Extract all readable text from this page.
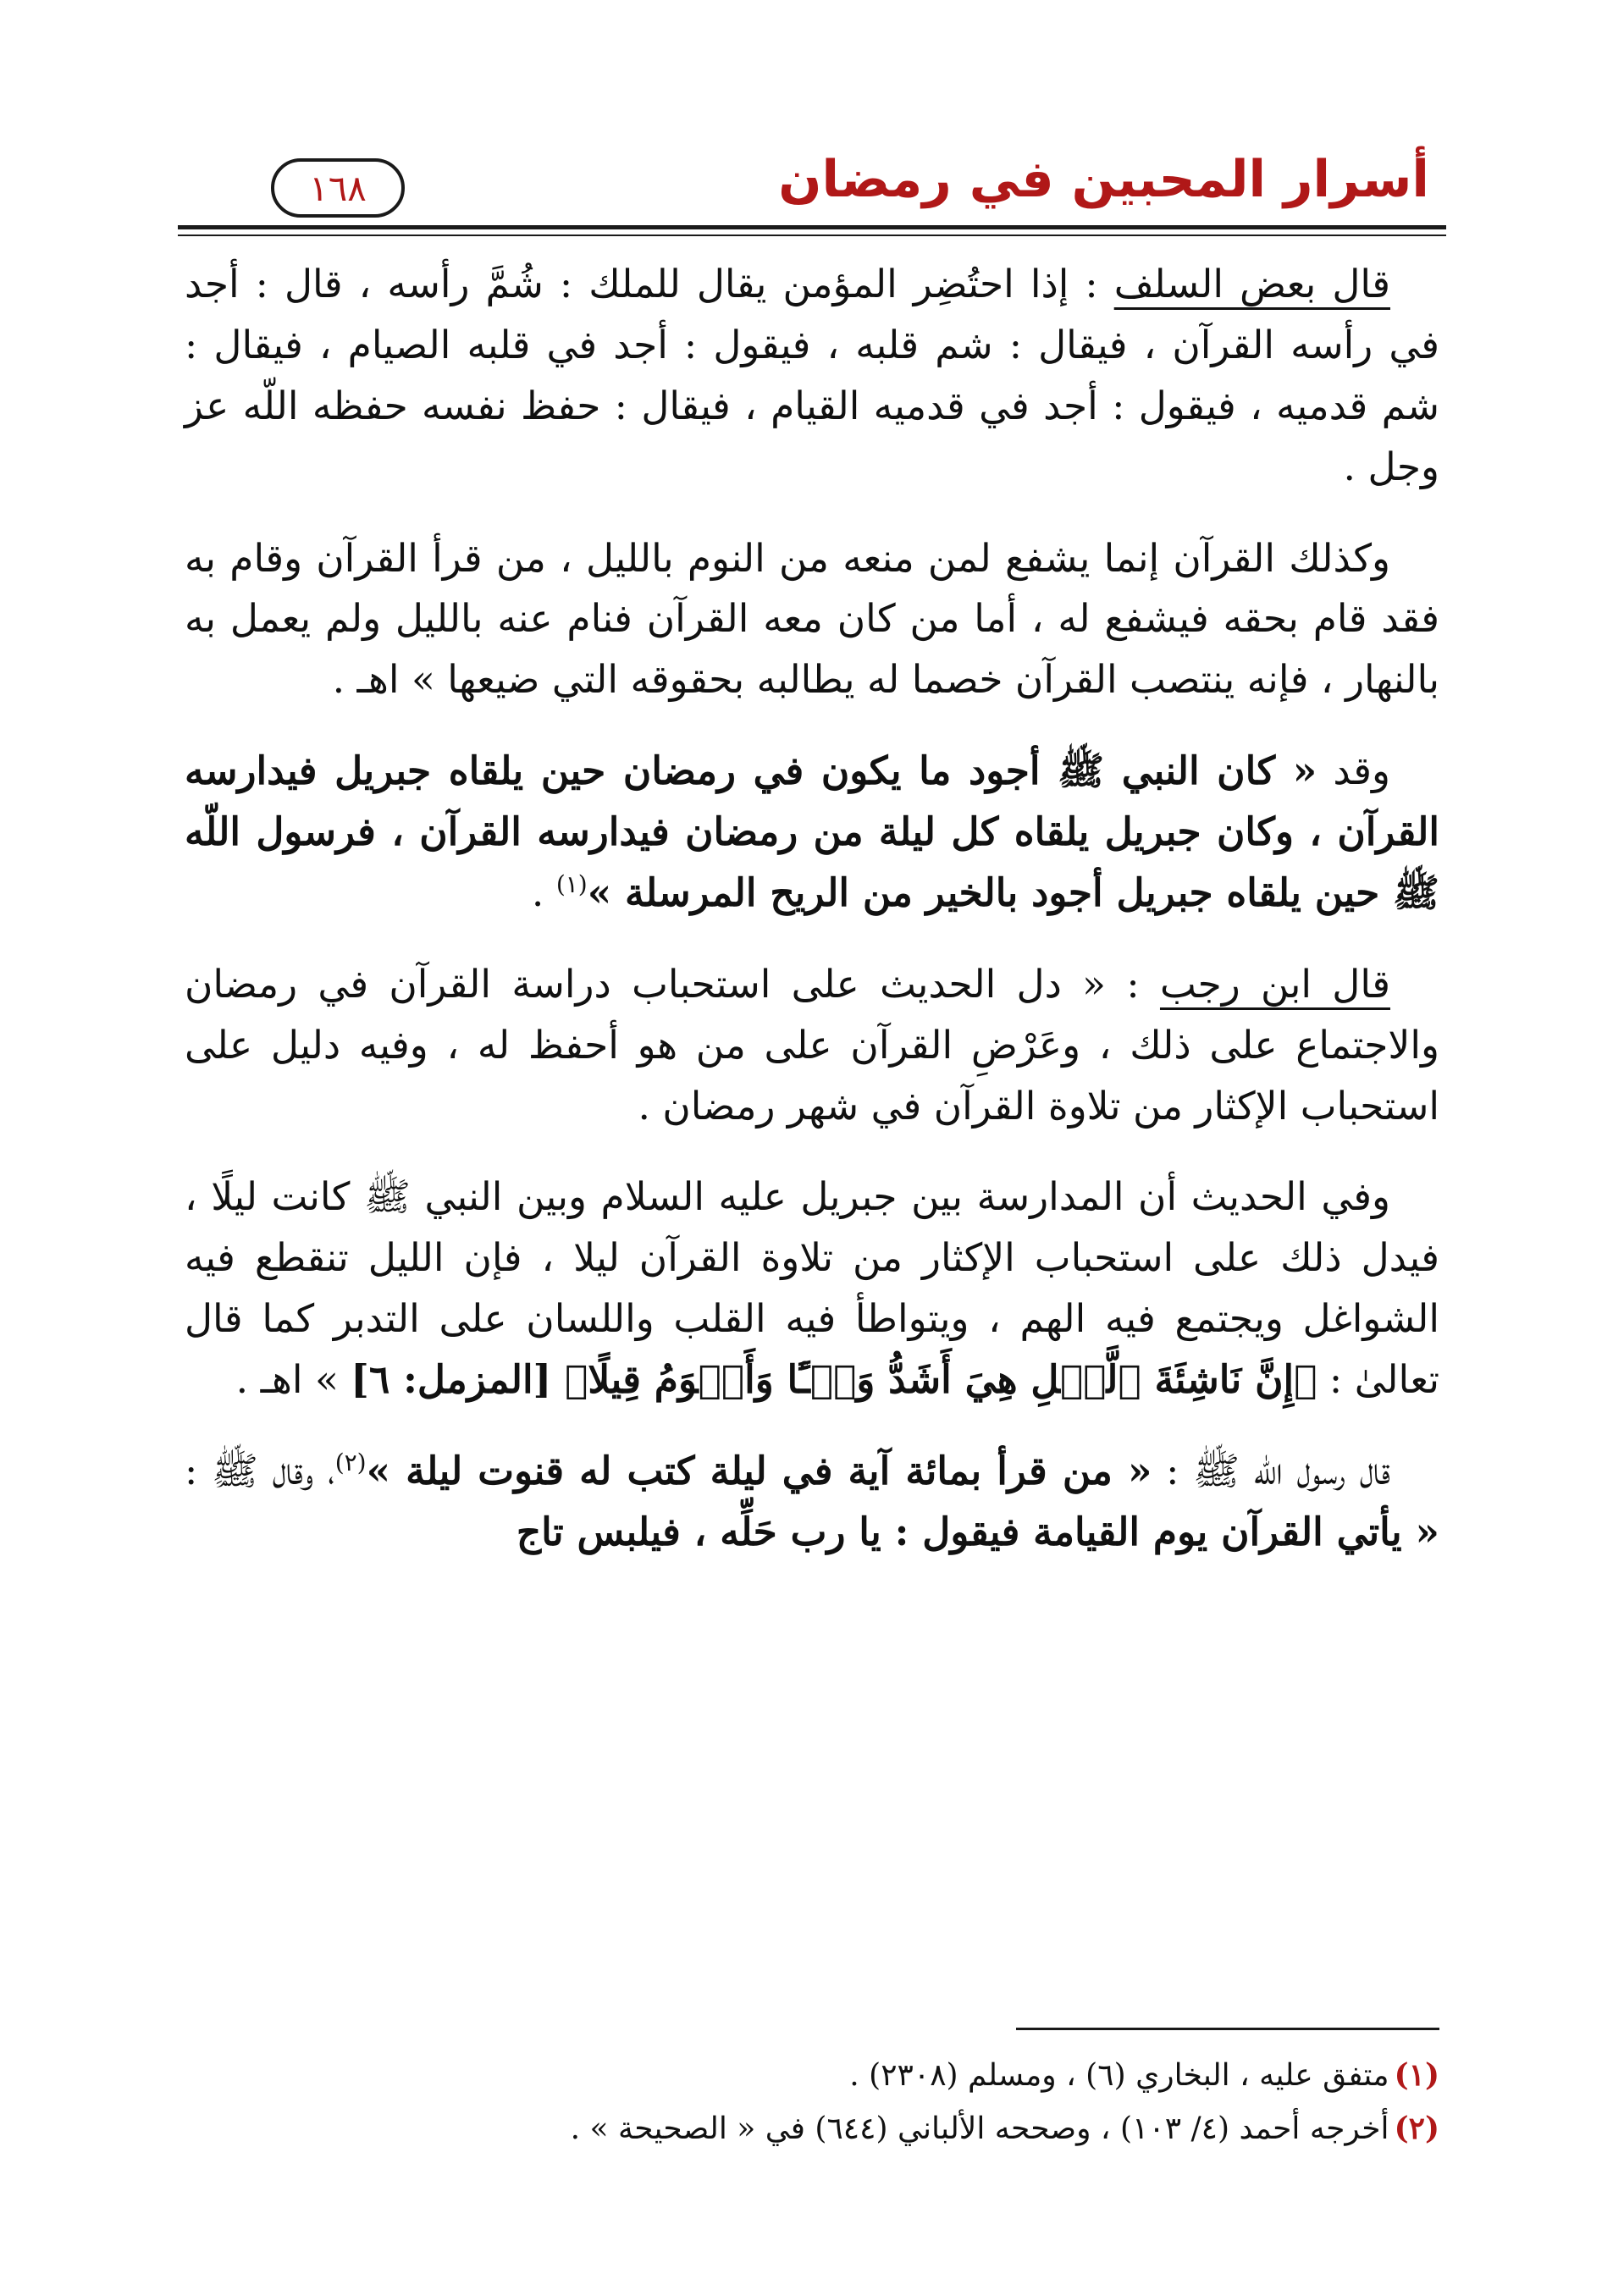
١٦٨	أسرار المحبين في رمضان

قال بعض السلف : إذا احتُضِر المؤمن يقال للملك : شُمَّ رأسه ، قال : أجد في رأسه القرآن ، فيقال : شم قلبه ، فيقول : أجد في قلبه الصيام ، فيقال : شم قدميه ، فيقول : أجد في قدميه القيام ، فيقال : حفظ نفسه حفظه اللّه عز وجل .

وكذلك القرآن إنما يشفع لمن منعه من النوم بالليل ، من قرأ القرآن وقام به فقد قام بحقه فيشفع له ، أما من كان معه القرآن فنام عنه بالليل ولم يعمل به بالنهار ، فإنه ينتصب القرآن خصما له يطالبه بحقوقه التي ضيعها » اهـ .

وقد « كان النبي ﷺ أجود ما يكون في رمضان حين يلقاه جبريل فيدارسه القرآن ، وكان جبريل يلقاه كل ليلة من رمضان فيدارسه القرآن ، فرسول اللّه ﷺ حين يلقاه جبريل أجود بالخير من الريح المرسلة »$^{(١)}$ .

قال ابن رجب : « دل الحديث على استحباب دراسة القرآن في رمضان والاجتماع على ذلك ، وعَرْضِ القرآن على من هو أحفظ له ، وفيه دليل على استحباب الإكثار من تلاوة القرآن في شهر رمضان .

وفي الحديث أن المدارسة بين جبريل عليه السلام وبين النبي ﷺ كانت ليلًا ، فيدل ذلك على استحباب الإكثار من تلاوة القرآن ليلا ، فإن الليل تنقطع فيه الشواغل ويجتمع فيه الهم ، ويتواطأ فيه القلب واللسان على التدبر كما قال تعالىٰ : ﴿إِنَّ نَاشِئَةَ ٱلَّيۡلِ هِيَ أَشَدُّ وَطۡـًٔا وَأَقۡوَمُ قِيلًا﴾ [المزمل: ٦] » اهـ .

قال رسول الله ﷺ : « من قرأ بمائة آية في ليلة كتب له قنوت ليلة »$^{(٢)}$، وقال ﷺ : « يأتي القرآن يوم القيامة فيقول : يا رب حَلِّه ، فيلبس تاج

(١)متفق عليه ، البخاري (٦) ، ومسلم (٢٣٠٨) .

(٢)أخرجه أحمد (٤/ ١٠٣) ، وصححه الألباني (٦٤٤) في « الصحيحة » .
